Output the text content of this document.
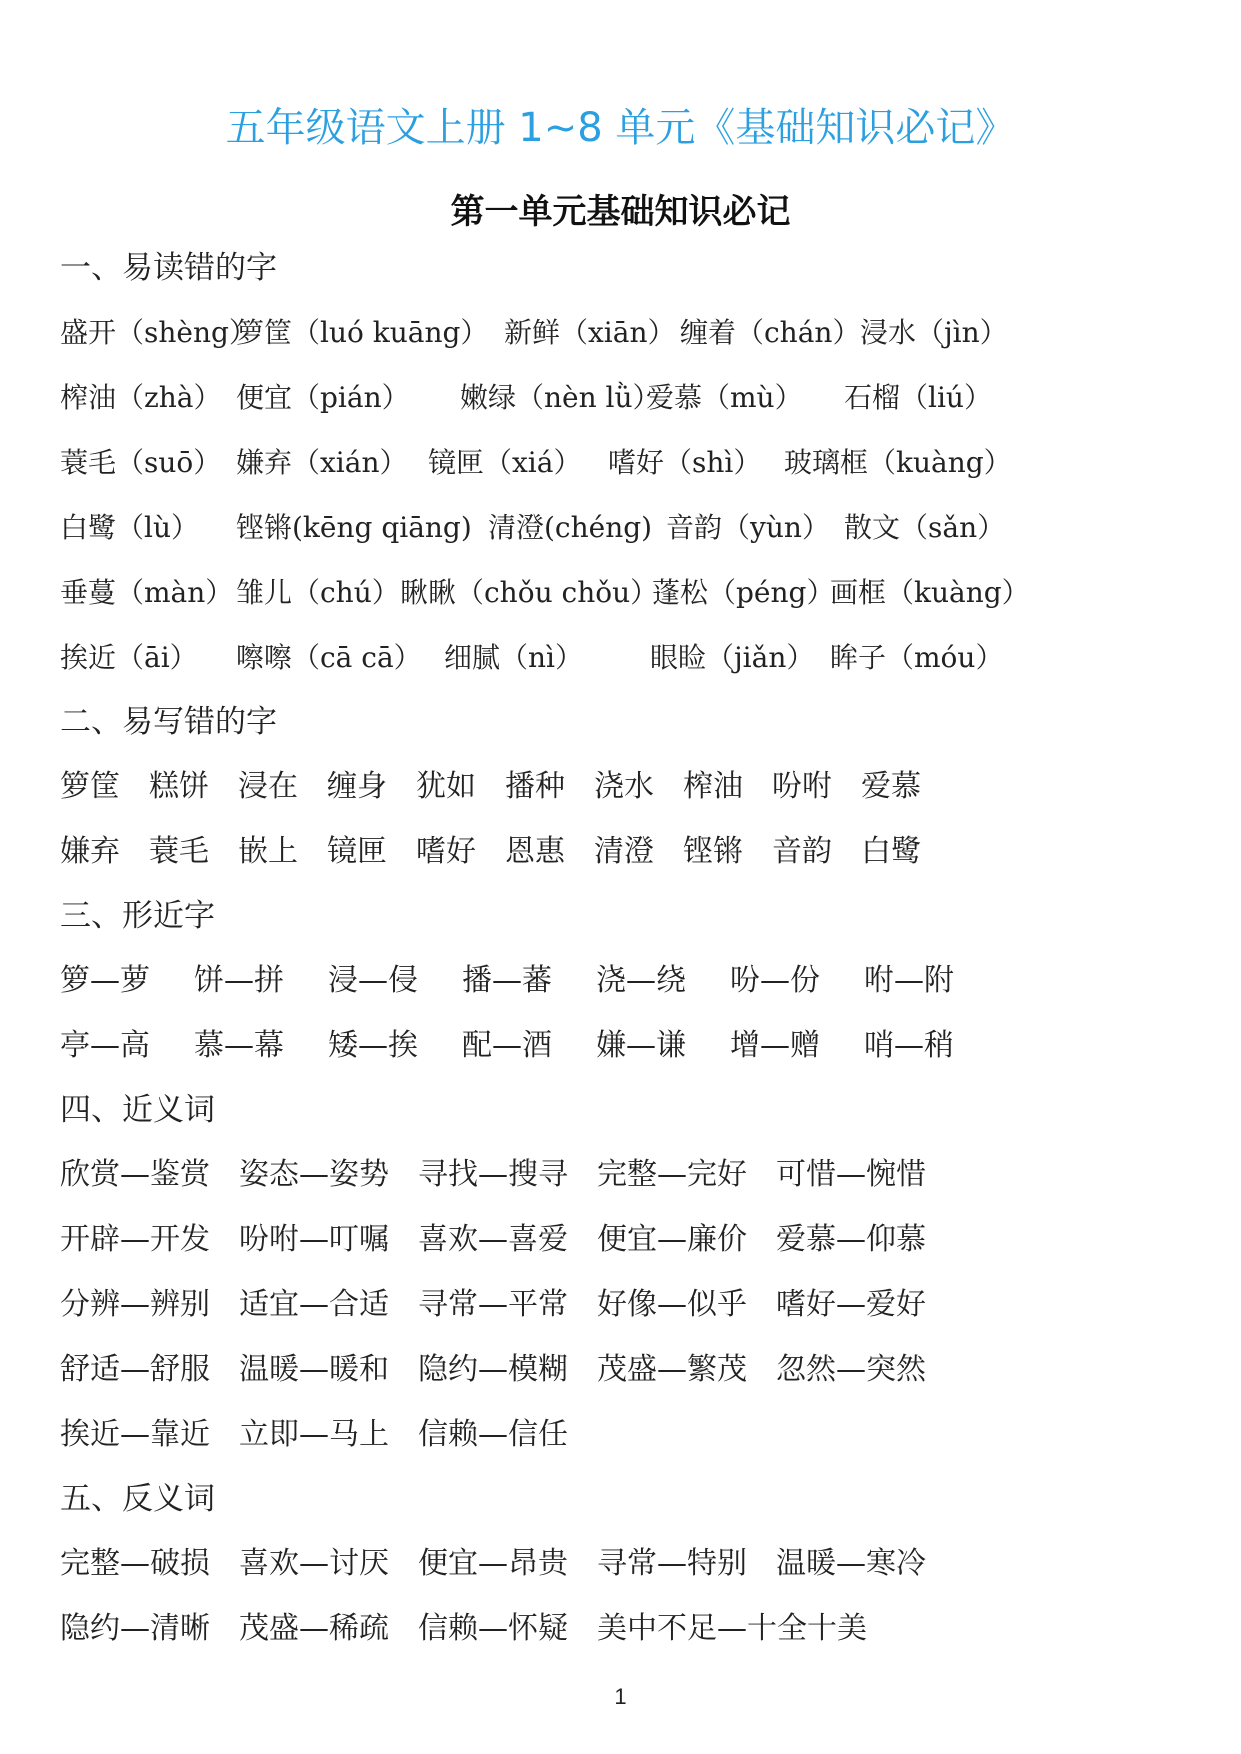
五年级语文上册 1~8 单元《基础知识必记》
第一单元基础知识必记
一、易读错的字
盛开（shèng）
箩筐（luó kuāng） 新鲜（xiān） 缠着（chán） 浸水（jìn）
榨油（zhà） 便宜（pián） 嫩绿（nèn lǜ）
爱慕（mù） 石榴（liú）
蓑毛（suō） 嫌弃（xián） 镜匣（xiá） 嗜好（shì） 玻璃框（kuàng）
白鹭（lù） 铿锵(kēng qiāng) 清澄(chéng) 音韵（yùn） 散文（sǎn）
垂蔓（màn） 雏儿（chú） 瞅瞅（chǒu chǒu）
蓬松（péng）
画框（kuàng）
挨近（āi） 嚓嚓（cā cā） 细腻（nì） 眼睑（jiǎn） 眸子（móu）
二、易写错的字
箩筐 糕饼 浸在 缠身 犹如 播种 浇水 榨油 吩咐 爱慕
嫌弃 蓑毛 嵌上 镜匣 嗜好 恩惠 清澄 铿锵 音韵 白鹭
三、形近字
箩—萝 饼—拼 浸—侵 播—蕃 浇—绕 吩—份 咐—附
亭—高 慕—幕 矮—挨 配—酒 嫌—谦 增—赠 哨—稍
四、近义词
欣赏—鉴赏 姿态—姿势 寻找—搜寻 完整—完好 可惜—惋惜
开辟—开发 吩咐—叮嘱 喜欢—喜爱 便宜—廉价 爱慕—仰慕
分辨—辨别 适宜—合适 寻常—平常 好像—似乎 嗜好—爱好
舒适—舒服 温暖—暖和 隐约—模糊 茂盛—繁茂 忽然—突然
挨近—靠近 立即—马上 信赖—信任
五、反义词
完整—破损 喜欢—讨厌 便宜—昂贵 寻常—特别 温暖—寒冷
隐约—清晰 茂盛—稀疏 信赖—怀疑 美中不足—十全十美
1
